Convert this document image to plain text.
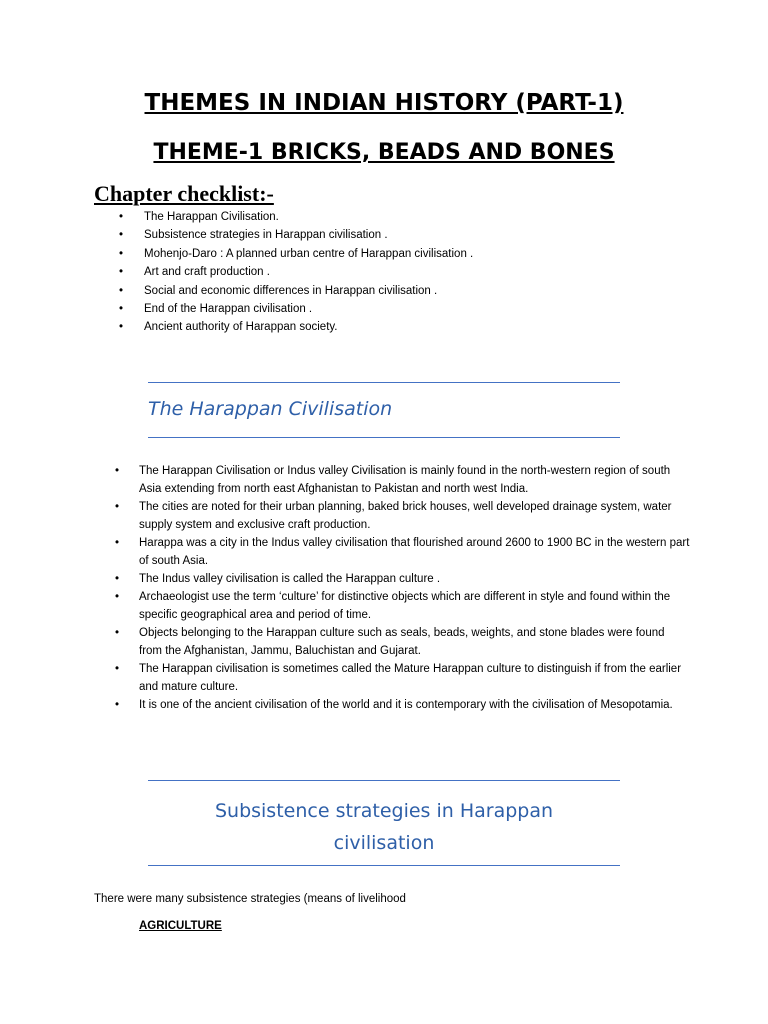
THEMES IN INDIAN HISTORY (PART-1)
THEME-1 BRICKS, BEADS AND BONES
Chapter checklist:-
• The Harappan Civilisation.
• Subsistence strategies in Harappan civilisation .
• Mohenjo-Daro : A planned urban centre of Harappan civilisation .
• Art and craft production .
• Social and economic differences in Harappan civilisation .
• End of the Harappan civilisation .
• Ancient authority of Harappan society.
The Harappan Civilisation
• The Harappan Civilisation or Indus valley Civilisation is mainly found in the north-western region of south Asia extending from north east Afghanistan to Pakistan and north west India.
• The cities are noted for their urban planning, baked brick houses, well developed drainage system, water supply system and exclusive craft production.
• Harappa was a city in the Indus valley civilisation that flourished around 2600 to 1900 BC in the western part of south Asia.
• The Indus valley civilisation is called the Harappan culture .
• Archaeologist use the term ‘culture’ for distinctive objects which are different in style and found within the specific geographical area and period of time.
• Objects belonging to the Harappan culture such as seals, beads, weights, and stone blades were found from the Afghanistan, Jammu, Baluchistan and Gujarat.
• The Harappan civilisation is sometimes called the Mature Harappan culture to distinguish if from the earlier and mature culture.
• It is one of the ancient civilisation of the world and it is contemporary with the civilisation of Mesopotamia.
Subsistence strategies in Harappan
civilisation

There were many subsistence strategies (means of livelihood

AGRICULTURE
